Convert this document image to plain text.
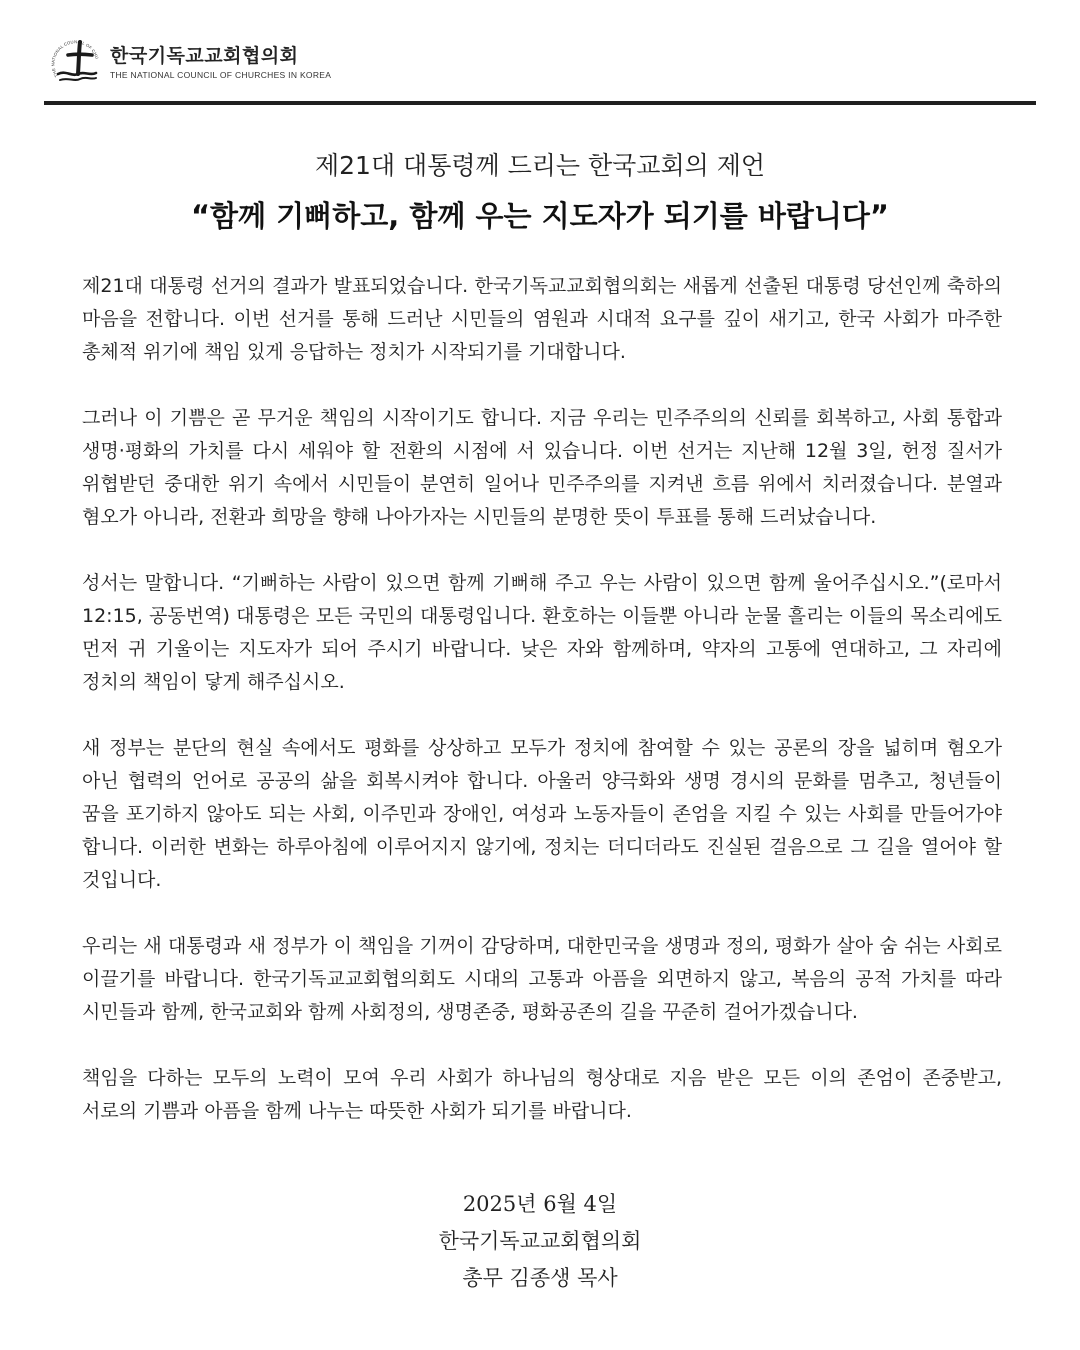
THE NATIONAL COUNCIL OF CHU 한국기독교교회협의회
THE NATIONAL COUNCIL OF CHURCHES IN KOREA
제21대 대통령께 드리는 한국교회의 제언
“함께 기뻐하고, 함께 우는 지도자가 되기를 바랍니다”

제21대 대통령 선거의 결과가 발표되었습니다. 한국기독교교회협의회는 새롭게 선출된 대통령 당선인께 축하의 마음을 전합니다. 이번 선거를 통해 드러난 시민들의 염원과 시대적 요구를 깊이 새기고, 한국 사회가 마주한 총체적 위기에 책임 있게 응답하는 정치가 시작되기를 기대합니다.

그러나 이 기쁨은 곧 무거운 책임의 시작이기도 합니다. 지금 우리는 민주주의의 신뢰를 회복하고, 사회 통합과 생명·평화의 가치를 다시 세워야 할 전환의 시점에 서 있습니다. 이번 선거는 지난해 12월 3일, 헌정 질서가 위협받던 중대한 위기 속에서 시민들이 분연히 일어나 민주주의를 지켜낸 흐름 위에서 치러졌습니다. 분열과 혐오가 아니라, 전환과 희망을 향해 나아가자는 시민들의 분명한 뜻이 투표를 통해 드러났습니다.

성서는 말합니다. “기뻐하는 사람이 있으면 함께 기뻐해 주고 우는 사람이 있으면 함께 울어주십시오.”(로마서 12:15, 공동번역) 대통령은 모든 국민의 대통령입니다. 환호하는 이들뿐 아니라 눈물 흘리는 이들의 목소리에도 먼저 귀 기울이는 지도자가 되어 주시기 바랍니다. 낮은 자와 함께하며, 약자의 고통에 연대하고, 그 자리에 정치의 책임이 닿게 해주십시오.

새 정부는 분단의 현실 속에서도 평화를 상상하고 모두가 정치에 참여할 수 있는 공론의 장을 넓히며 혐오가 아닌 협력의 언어로 공공의 삶을 회복시켜야 합니다. 아울러 양극화와 생명 경시의 문화를 멈추고, 청년들이 꿈을 포기하지 않아도 되는 사회, 이주민과 장애인, 여성과 노동자들이 존엄을 지킬 수 있는 사회를 만들어가야 합니다. 이러한 변화는 하루아침에 이루어지지 않기에, 정치는 더디더라도 진실된 걸음으로 그 길을 열어야 할 것입니다.

우리는 새 대통령과 새 정부가 이 책임을 기꺼이 감당하며, 대한민국을 생명과 정의, 평화가 살아 숨 쉬는 사회로 이끌기를 바랍니다. 한국기독교교회협의회도 시대의 고통과 아픔을 외면하지 않고, 복음의 공적 가치를 따라 시민들과 함께, 한국교회와 함께 사회정의, 생명존중, 평화공존의 길을 꾸준히 걸어가겠습니다.

책임을 다하는 모두의 노력이 모여 우리 사회가 하나님의 형상대로 지음 받은 모든 이의 존엄이 존중받고, 서로의 기쁨과 아픔을 함께 나누는 따뜻한 사회가 되기를 바랍니다.

2025년 6월 4일
한국기독교교회협의회
총무 김종생 목사
